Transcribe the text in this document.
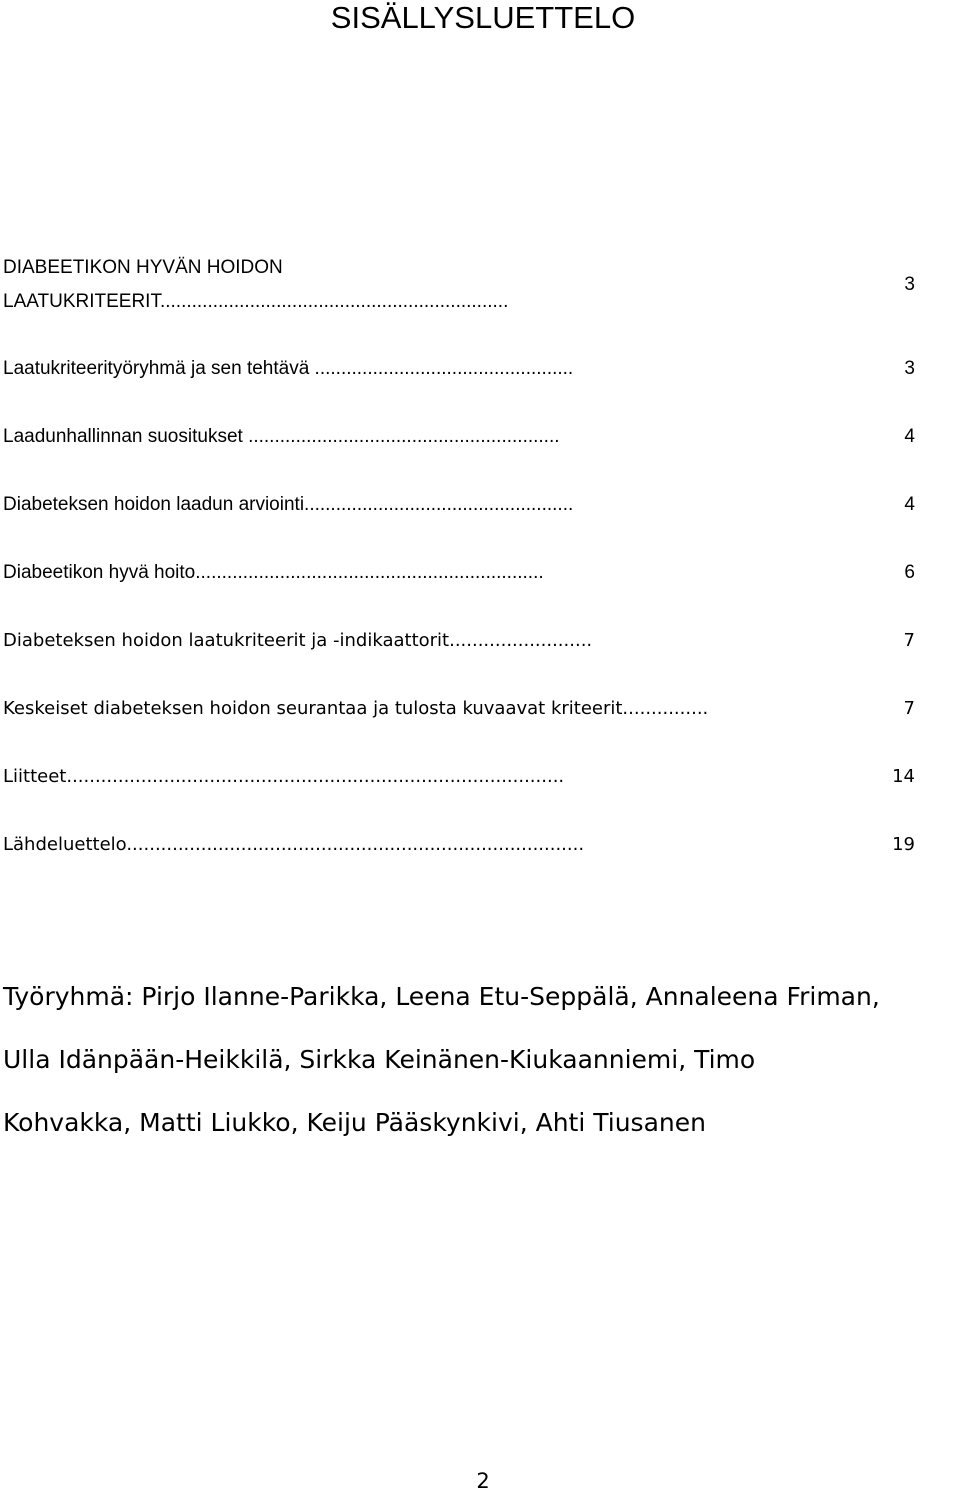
SISÄLLYSLUETTELO
DIABEETIKON HYVÄN HOIDON
LAATUKRITEERIT..................................................................
3
Laatukriteerityöryhmä ja sen tehtävä .................................................	3
Laadunhallinnan suositukset ...........................................................	4
Diabeteksen hoidon laadun arviointi...................................................	4
Diabeetikon hyvä hoito..................................................................	6
Diabeteksen hoidon laatukriteerit ja -indikaattorit.........................	7
Keskeiset diabeteksen hoidon seurantaa ja tulosta kuvaavat kriteerit...............	7
Liitteet.......................................................................................	14
Lähdeluettelo................................................................................	19

Työryhmä: Pirjo Ilanne-Parikka, Leena Etu-Seppälä, Annaleena Friman,
Ulla Idänpään-Heikkilä, Sirkka Keinänen-Kiukaanniemi, Timo
Kohvakka, Matti Liukko, Keiju Pääskynkivi, Ahti Tiusanen

2
